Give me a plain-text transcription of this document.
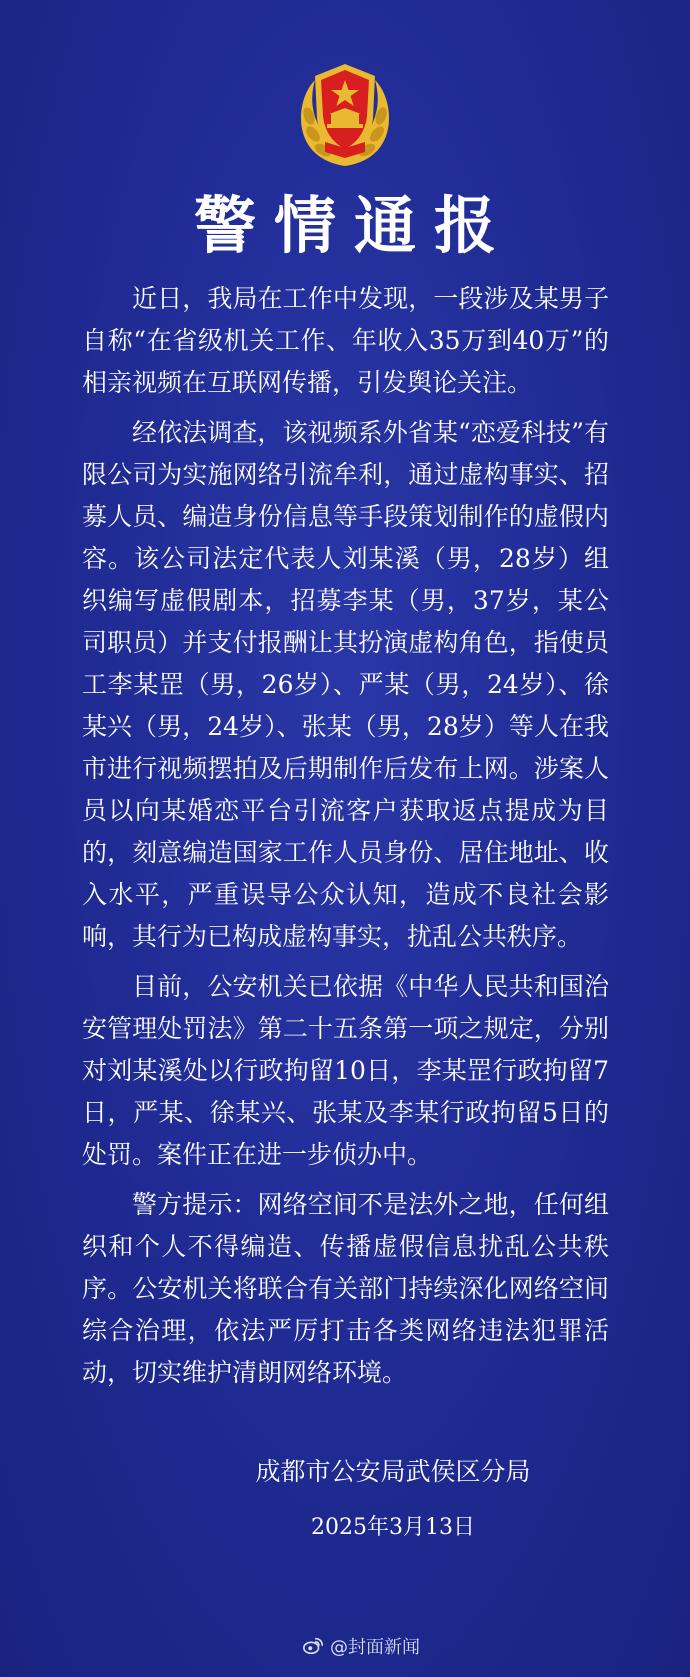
警情通报

近日，我局在工作中发现，一段涉及某男子自称“在省级机关工作、年收入35万到40万”的相亲视频在互联网传播，引发舆论关注。

经依法调查，该视频系外省某“恋爱科技”有限公司为实施网络引流牟利，通过虚构事实、招募人员、编造身份信息等手段策划制作的虚假内容。该公司法定代表人刘某溪（男，28岁）组织编写虚假剧本，招募李某（男，37岁，某公司职员）并支付报酬让其扮演虚构角色，指使员工李某罡（男，26岁）、严某（男，24岁）、徐某兴（男，24岁）、张某（男，28岁）等人在我市进行视频摆拍及后期制作后发布上网。涉案人员以向某婚恋平台引流客户获取返点提成为目的，刻意编造国家工作人员身份、居住地址、收入水平，严重误导公众认知，造成不良社会影响，其行为已构成虚构事实，扰乱公共秩序。

目前，公安机关已依据《中华人民共和国治安管理处罚法》第二十五条第一项之规定，分别对刘某溪处以行政拘留10日，李某罡行政拘留7日，严某、徐某兴、张某及李某行政拘留5日的处罚。案件正在进一步侦办中。

警方提示：网络空间不是法外之地，任何组织和个人不得编造、传播虚假信息扰乱公共秩序。公安机关将联合有关部门持续深化网络空间综合治理，依法严厉打击各类网络违法犯罪活动，切实维护清朗网络环境。

成都市公安局武侯区分局
2025年3月13日
@封面新闻
